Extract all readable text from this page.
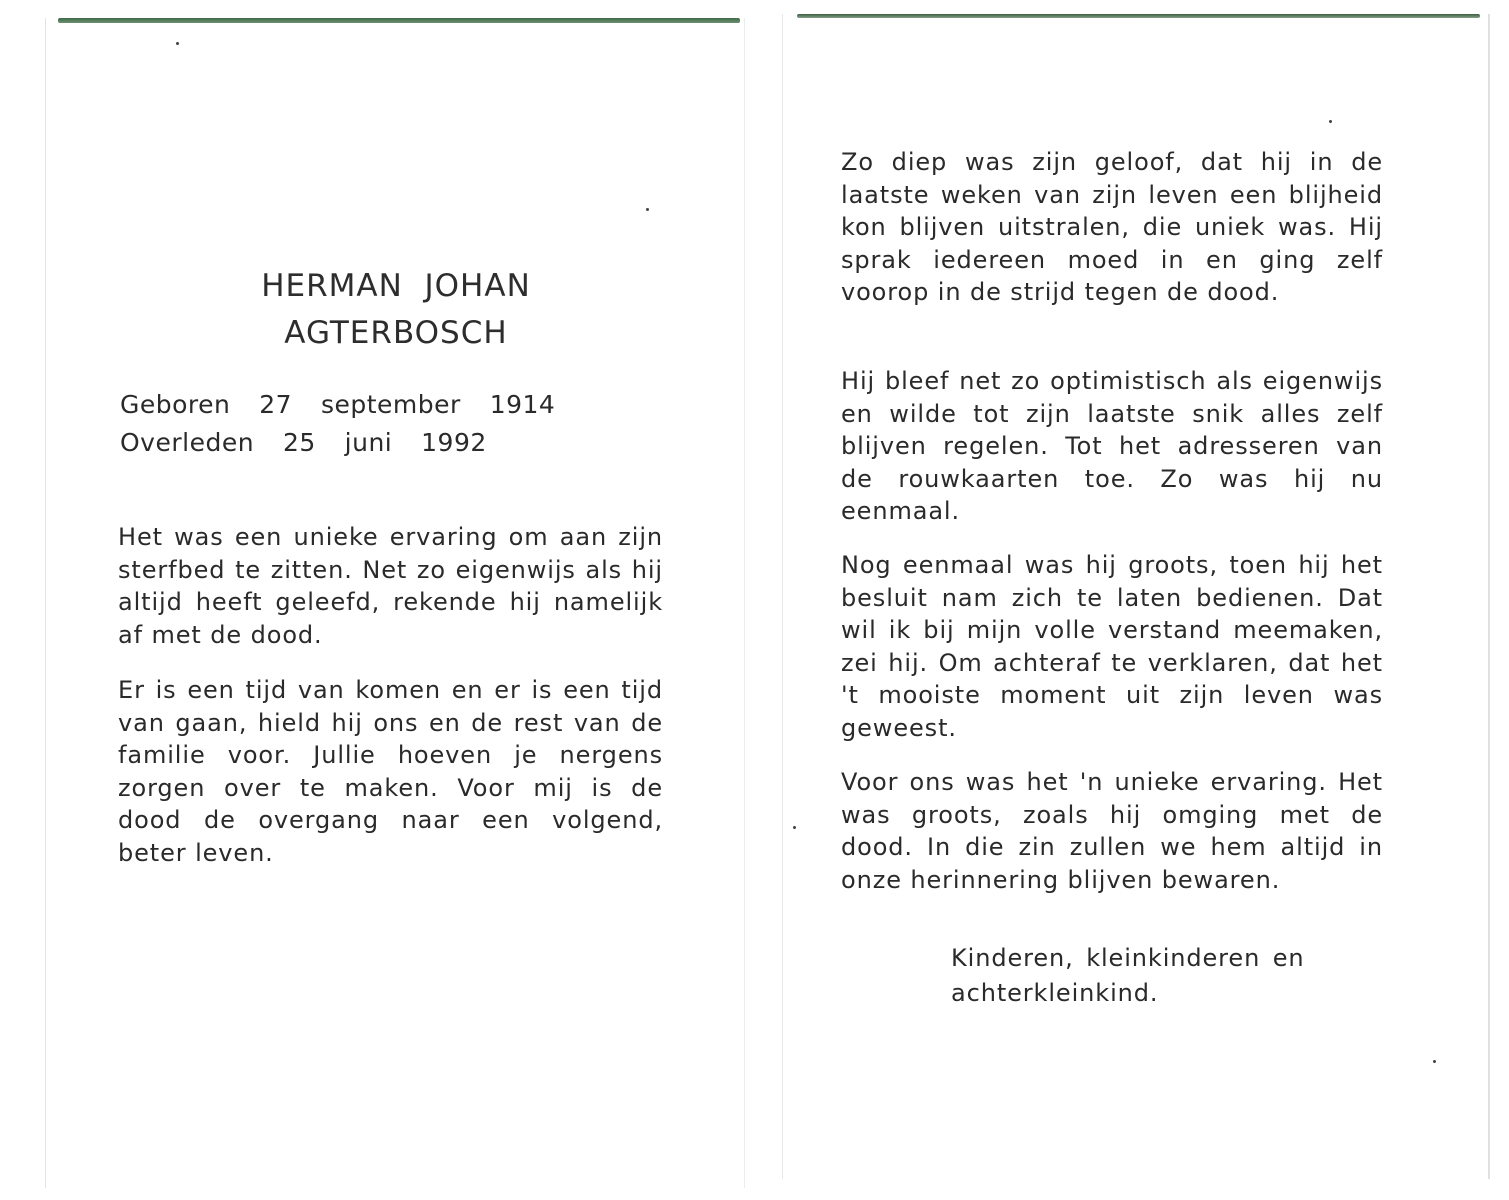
HERMAN  JOHAN
AGTERBOSCH
Geboren  27  september  1914
Overleden  25  juni  1992

Het was een unieke ervaring om aan zijn sterfbed te zitten. Net zo eigenwijs als hij altijd heeft geleefd, rekende hij namelijk af met de dood.

Er is een tijd van komen en er is een tijd van gaan, hield hij ons en de rest van de familie voor. Jullie hoeven je nergens zorgen over te maken. Voor mij is de dood de overgang naar een volgend, beter leven.

Zo diep was zijn geloof, dat hij in de laatste weken van zijn leven een blijheid kon blijven uitstralen, die uniek was. Hij sprak iedereen moed in en ging zelf voorop in de strijd tegen de dood.

Hij bleef net zo optimistisch als eigenwijs en wilde tot zijn laatste snik alles zelf blijven regelen. Tot het adresseren van de rouwkaarten toe. Zo was hij nu eenmaal.

Nog eenmaal was hij groots, toen hij het besluit nam zich te laten bedienen. Dat wil ik bij mijn volle verstand meemaken, zei hij. Om achteraf te verklaren, dat het 't mooiste moment uit zijn leven was geweest.

Voor ons was het 'n unieke ervaring. Het was groots, zoals hij omging met de dood. In die zin zullen we hem altijd in onze herinnering blijven bewaren.

Kinderen, kleinkinderen en achterkleinkind.
